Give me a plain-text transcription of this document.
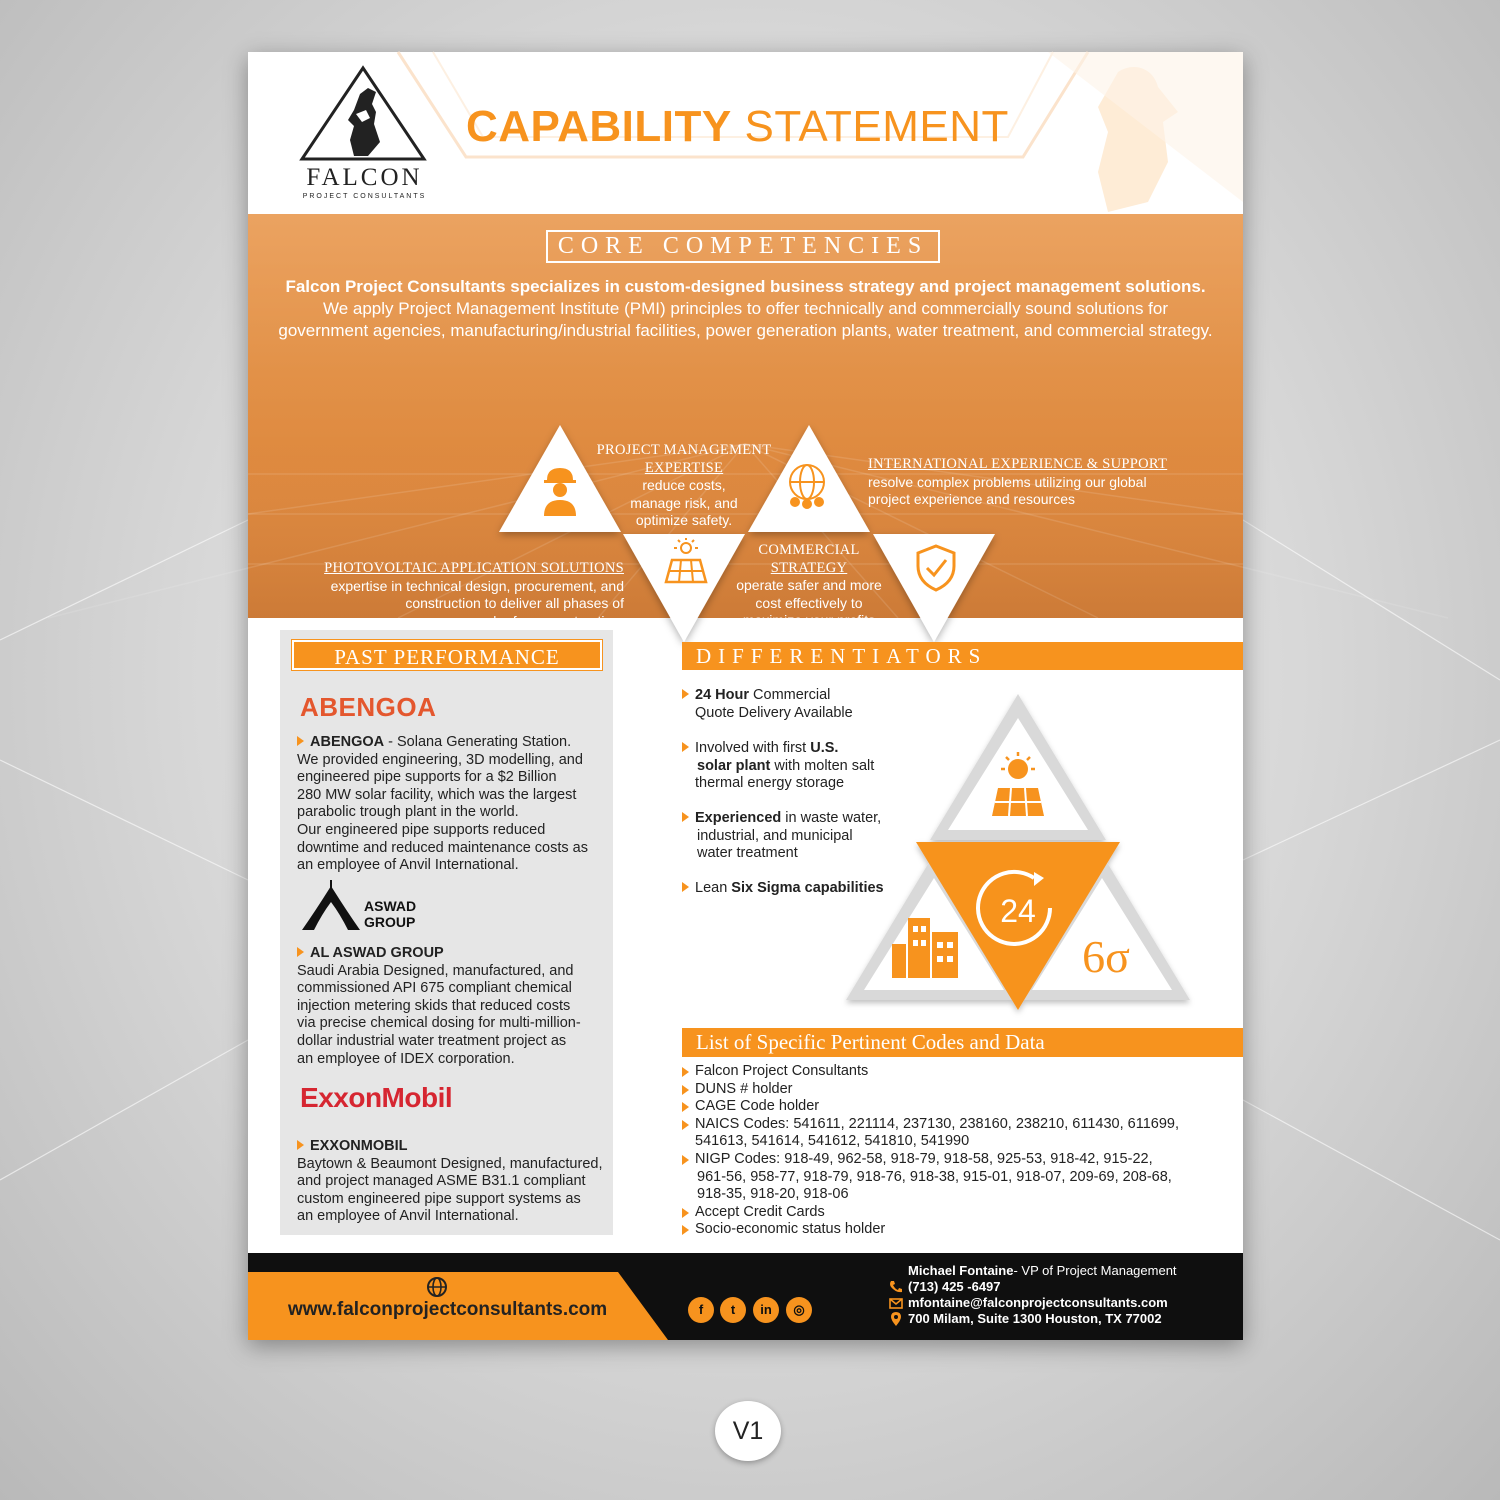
FALCON
PROJECT CONSULTANTS
CAPABILITY STATEMENT
CORE COMPETENCIES
Falcon Project Consultants specializes in custom-designed business strategy and project management solutions.
We apply Project Management Institute (PMI) principles to offer technically and commercially sound solutions for government agencies, manufacturing/industrial facilities, power generation plants, water treatment, and commercial strategy.
PROJECT MANAGEMENT
EXPERTISE
reduce costs,
manage risk, and
optimize safety.
INTERNATIONAL EXPERIENCE & SUPPORT
resolve complex problems utilizing our global
project experience and resources
PHOTOVOLTAIC APPLICATION SOLUTIONS
expertise in technical design, procurement, and
construction to deliver all phases of
solar farm construction.
COMMERCIAL
STRATEGY
operate safer and more
cost effectively to
maximize your profits
PAST PERFORMANCE
ABENGOA
ABENGOA - Solana Generating Station.
We provided engineering, 3D modelling, and
engineered pipe supports for a $2 Billion
280 MW solar facility, which was the largest
parabolic trough plant in the world.
Our engineered pipe supports reduced
downtime and reduced maintenance costs as
an employee of Anvil International.
ASWAD
GROUP
AL ASWAD GROUP
Saudi Arabia Designed, manufactured, and
commissioned API 675 compliant chemical
injection metering skids that reduced costs
via precise chemical dosing for multi-million-
dollar industrial water treatment project as
an employee of IDEX corporation.
ExxonMobil
EXXONMOBIL
Baytown & Beaumont Designed, manufactured,
and project managed ASME B31.1 compliant
custom engineered pipe support systems as
an employee of Anvil International.
DIFFERENTIATORS
24 Hour Commercial
Quote Delivery Available
Involved with first U.S.
solar plant with molten salt
thermal energy storage
Experienced in waste water,
industrial, and municipal
water treatment
Lean Six Sigma capabilities
24
6σ
List of Specific Pertinent Codes and Data
Falcon Project Consultants
DUNS # holder
CAGE Code holder
NAICS Codes: 541611, 221114, 237130, 238160, 238210, 611430, 611699,
541613, 541614, 541612, 541810, 541990
NIGP Codes: 918-49, 962-58, 918-79, 918-58, 925-53, 918-42, 915-22,
961-56, 958-77, 918-79, 918-76, 918-38, 915-01, 918-07, 209-69, 208-68,
918-35, 918-20, 918-06
Accept Credit Cards
Socio-economic status holder
www.falconprojectconsultants.com	f	t	in	◎
Michael Fontaine - VP of Project Management
(713) 425 -6497
mfontaine@falconprojectconsultants.com
700 Milam, Suite 1300 Houston, TX 77002
V1
